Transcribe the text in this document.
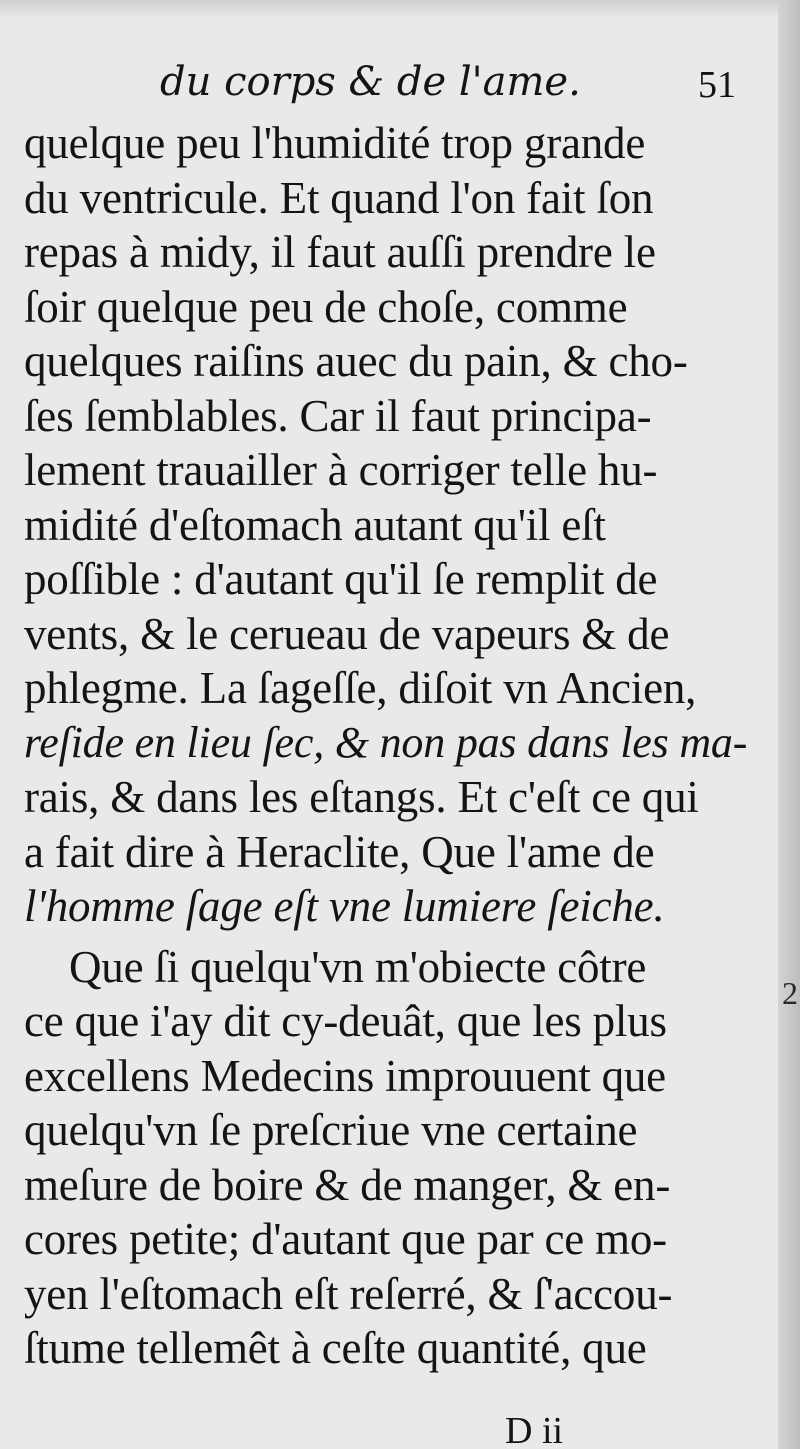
du corps & de l'ame.	51
quelque peu l'humidité trop grande
du ventricule. Et quand l'on fait ſon
repas à midy, il faut auſſi prendre le
ſoir quelque peu de choſe, comme
quelques raiſins auec du pain, & cho-
ſes ſemblables. Car il faut principa-
lement trauailler à corriger telle hu-
midité d'eſtomach autant qu'il eſt
poſſible : d'autant qu'il ſe remplit de
vents, & le cerueau de vapeurs & de
phlegme. La ſageſſe, diſoit vn Ancien,
reſide en lieu ſec, & non pas dans les ma-
rais, & dans les eſtangs. Et c'eſt ce qui
a fait dire à Heraclite, Que l'ame de
l'homme ſage eſt vne lumiere ſeiche.
Que ſi quelqu'vn m'obiecte côtre
ce que i'ay dit cy-deuât, que les plus
excellens Medecins improuuent que
quelqu'vn ſe preſcriue vne certaine
meſure de boire & de manger, & en-
cores petite; d'autant que par ce mo-
yen l'eſtomach eſt reſerré, & ſ'accou-
ſtume tellemêt à ceſte quantité, que
2
D ii
